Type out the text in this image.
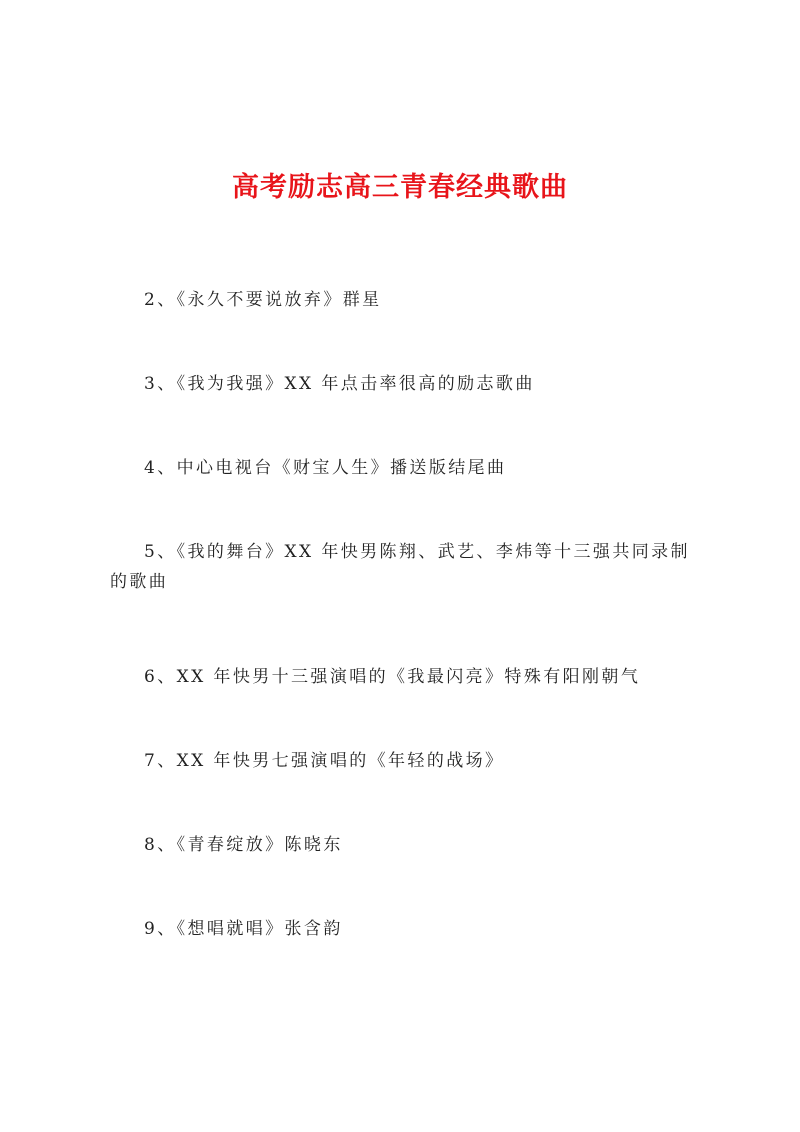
高考励志高三青春经典歌曲

2、《永久不要说放弃》群星

3、《我为我强》XX 年点击率很高的励志歌曲

4、中心电视台《财宝人生》播送版结尾曲

5、《我的舞台》XX 年快男陈翔、武艺、李炜等十三强共同录制的歌曲

6、XX 年快男十三强演唱的《我最闪亮》特殊有阳刚朝气

7、XX 年快男七强演唱的《年轻的战场》

8、《青春绽放》陈晓东

9、《想唱就唱》张含韵
